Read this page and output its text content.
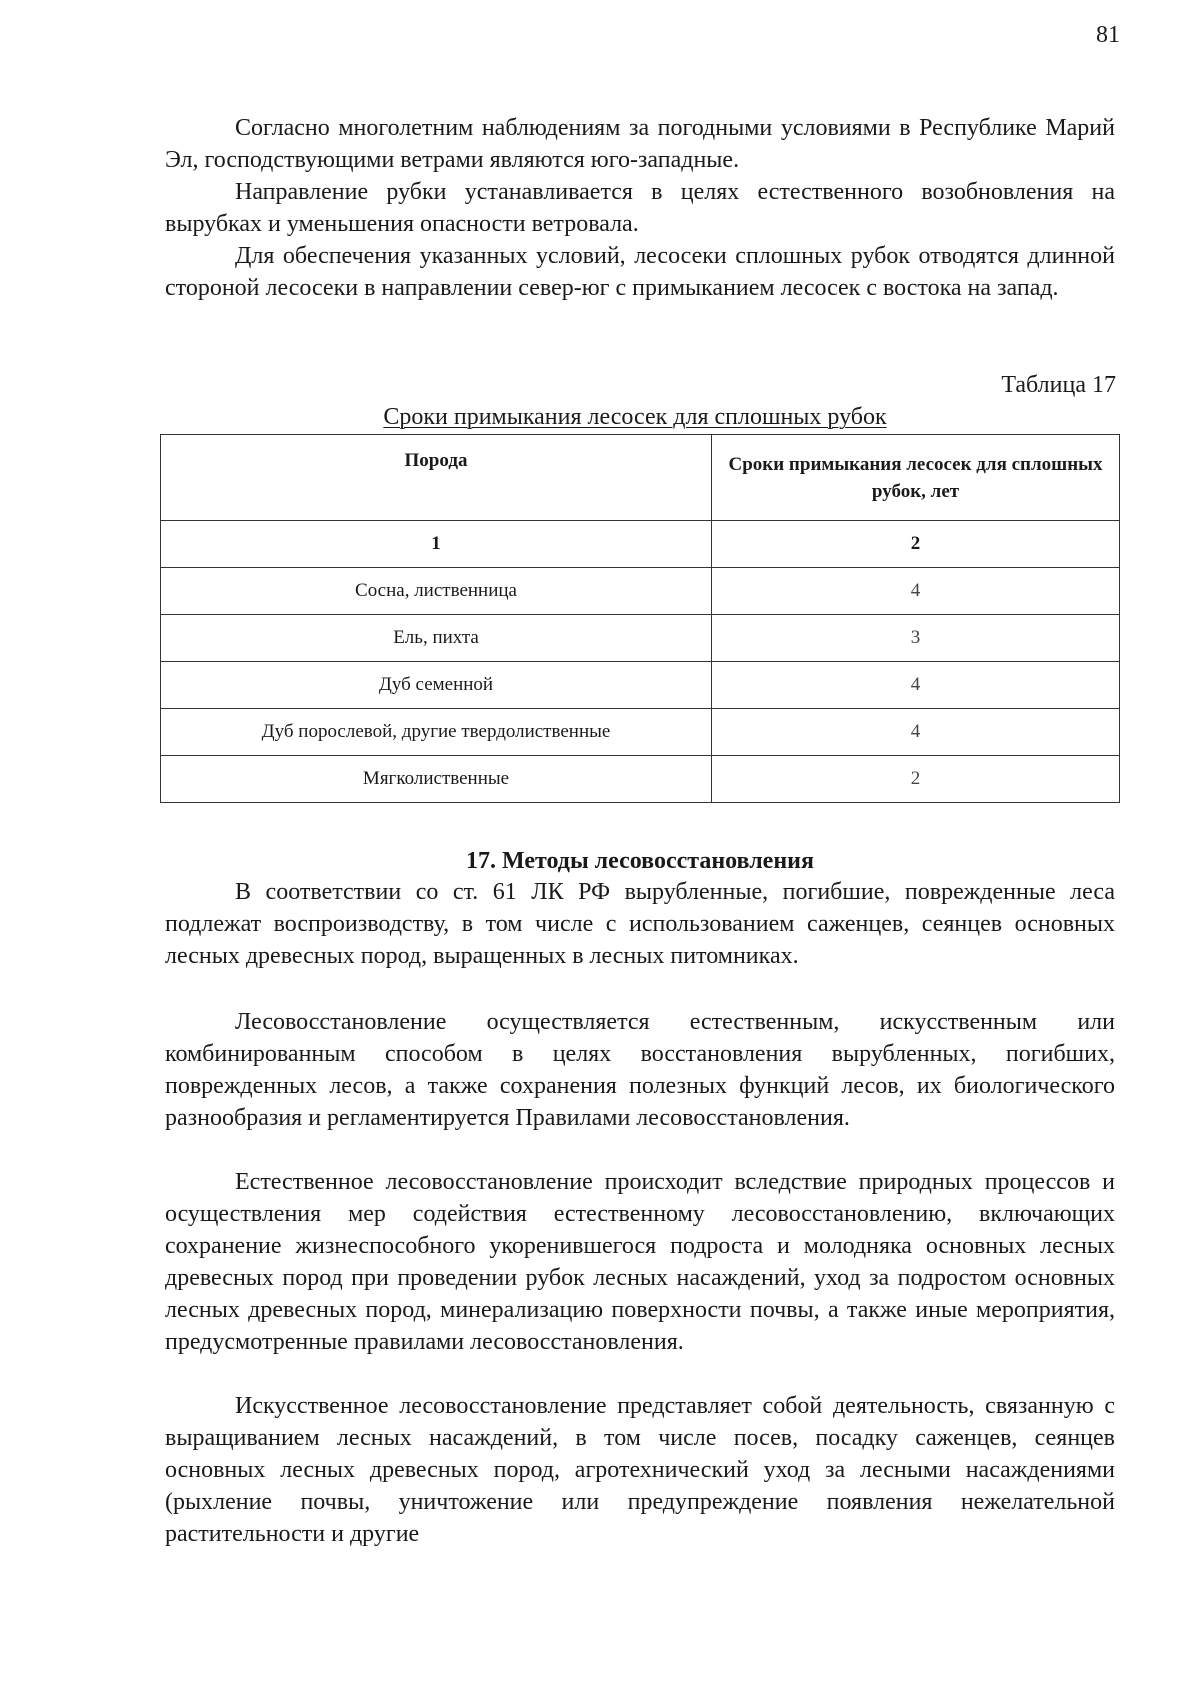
81

Согласно многолетним наблюдениям за погодными условиями в Республике Марий Эл, господствующими ветрами являются юго-западные.

Направление рубки устанавливается в целях естественного возобновления на вырубках и уменьшения опасности ветровала.

Для обеспечения указанных условий, лесосеки сплошных рубок отводятся длинной стороной лесосеки в направлении север-юг с примыканием лесосек с востока на запад.

Таблица 17
Сроки примыкания лесосек для сплошных рубок
Порода	Сроки примыкания лесосек для сплошных рубок, лет
1	2
Сосна, лиственница	4
Ель, пихта	3
Дуб семенной	4
Дуб порослевой, другие твердолиственные	4
Мягколиственные	2
17. Методы лесовосстановления

В соответствии со ст. 61 ЛК РФ вырубленные, погибшие, поврежденные леса подлежат воспроизводству, в том числе с использованием саженцев, сеянцев основных лесных древесных пород, выращенных в лесных питомниках.

Лесовосстановление осуществляется естественным, искусственным или комбинированным способом в целях восстановления вырубленных, погибших, поврежденных лесов, а также сохранения полезных функций лесов, их биологического разнообразия и регламентируется Правилами лесовосстановления.

Естественное лесовосстановление происходит вследствие природных процессов и осуществления мер содействия естественному лесовосстановлению, включающих сохранение жизнеспособного укоренившегося подроста и молодняка основных лесных древесных пород при проведении рубок лесных насаждений, уход за подростом основных лесных древесных пород, минерализацию поверхности почвы, а также иные мероприятия, предусмотренные правилами лесовосстановления.

Искусственное лесовосстановление представляет собой деятельность, связанную с выращиванием лесных насаждений, в том числе посев, посадку саженцев, сеянцев основных лесных древесных пород, агротехнический уход за лесными насаждениями (рыхление почвы, уничтожение или предупреждение появления нежелательной растительности и другие
